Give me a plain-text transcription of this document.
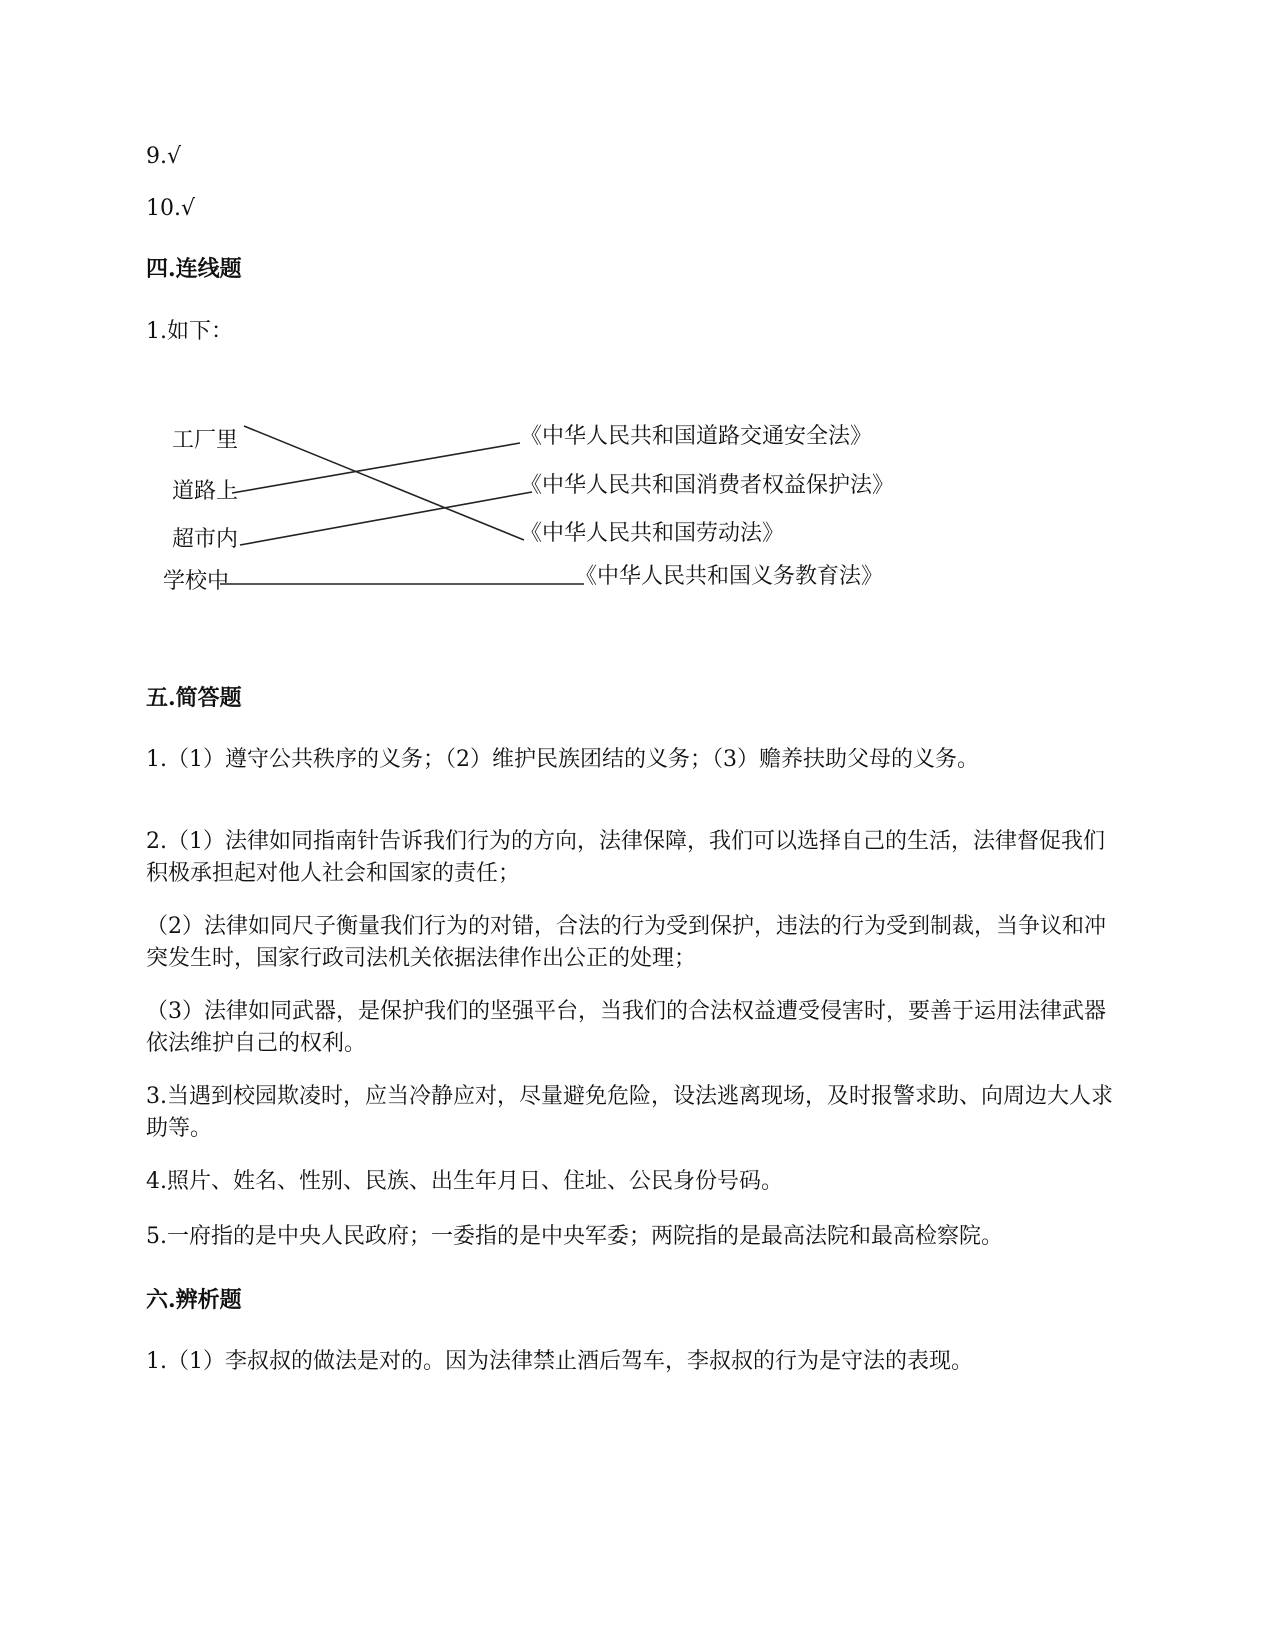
9.√
10.√
四.连线题
1.如下：
工厂里
道路上
超市内
学校中
《中华人民共和国道路交通安全法》
《中华人民共和国消费者权益保护法》
《中华人民共和国劳动法》
《中华人民共和国义务教育法》
五.简答题
1.（1）遵守公共秩序的义务；（2）维护民族团结的义务；（3）赡养扶助父母的义务。
2.（1）法律如同指南针告诉我们行为的方向，法律保障，我们可以选择自己的生活，法律督促我们积极承担起对他人社会和国家的责任；
（2）法律如同尺子衡量我们行为的对错，合法的行为受到保护，违法的行为受到制裁，当争议和冲突发生时，国家行政司法机关依据法律作出公正的处理；
（3）法律如同武器，是保护我们的坚强平台，当我们的合法权益遭受侵害时，要善于运用法律武器依法维护自己的权利。
3.当遇到校园欺凌时，应当冷静应对，尽量避免危险，设法逃离现场，及时报警求助、向周边大人求助等。
4.照片、姓名、性别、民族、出生年月日、住址、公民身份号码。
5.一府指的是中央人民政府；一委指的是中央军委；两院指的是最高法院和最高检察院。
六.辨析题
1.（1）李叔叔的做法是对的。因为法律禁止酒后驾车，李叔叔的行为是守法的表现。
